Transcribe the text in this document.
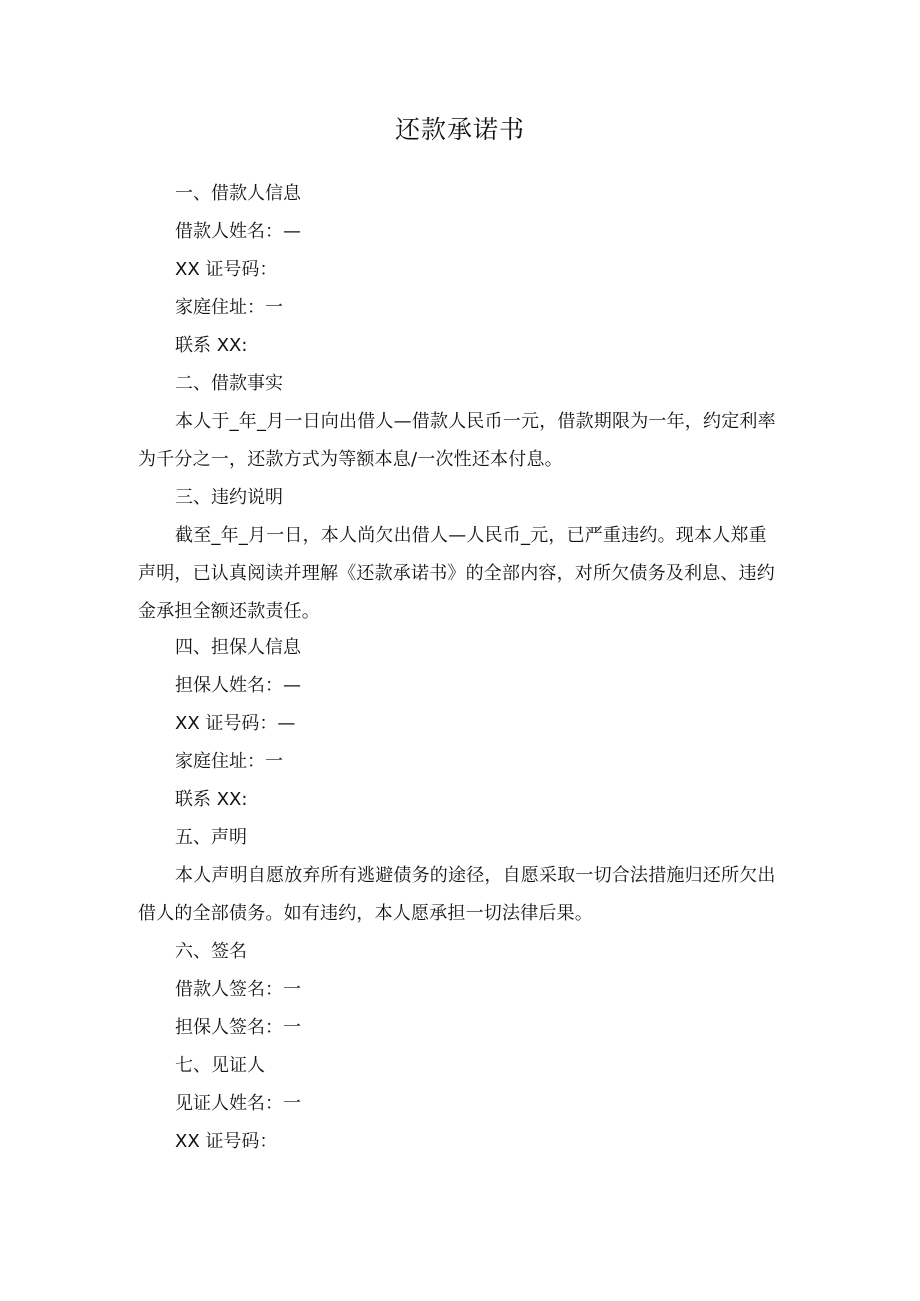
还款承诺书
一、借款人信息
借款人姓名：—
XX 证号码：
家庭住址：一
联系 XX:
二、借款事实
本人于_年_月一日向出借人—借款人民币一元，借款期限为一年，约定利率为千分之一，还款方式为等额本息/一次性还本付息。
三、违约说明
截至_年_月一日，本人尚欠出借人—人民币_元，已严重违约。现本人郑重声明，已认真阅读并理解《还款承诺书》的全部内容，对所欠债务及利息、违约金承担全额还款责任。
四、担保人信息
担保人姓名：—
XX 证号码：—
家庭住址：一
联系 XX:
五、声明
本人声明自愿放弃所有逃避债务的途径，自愿采取一切合法措施归还所欠出借人的全部债务。如有违约，本人愿承担一切法律后果。
六、签名
借款人签名：一
担保人签名：一
七、见证人
见证人姓名：一
XX 证号码：
